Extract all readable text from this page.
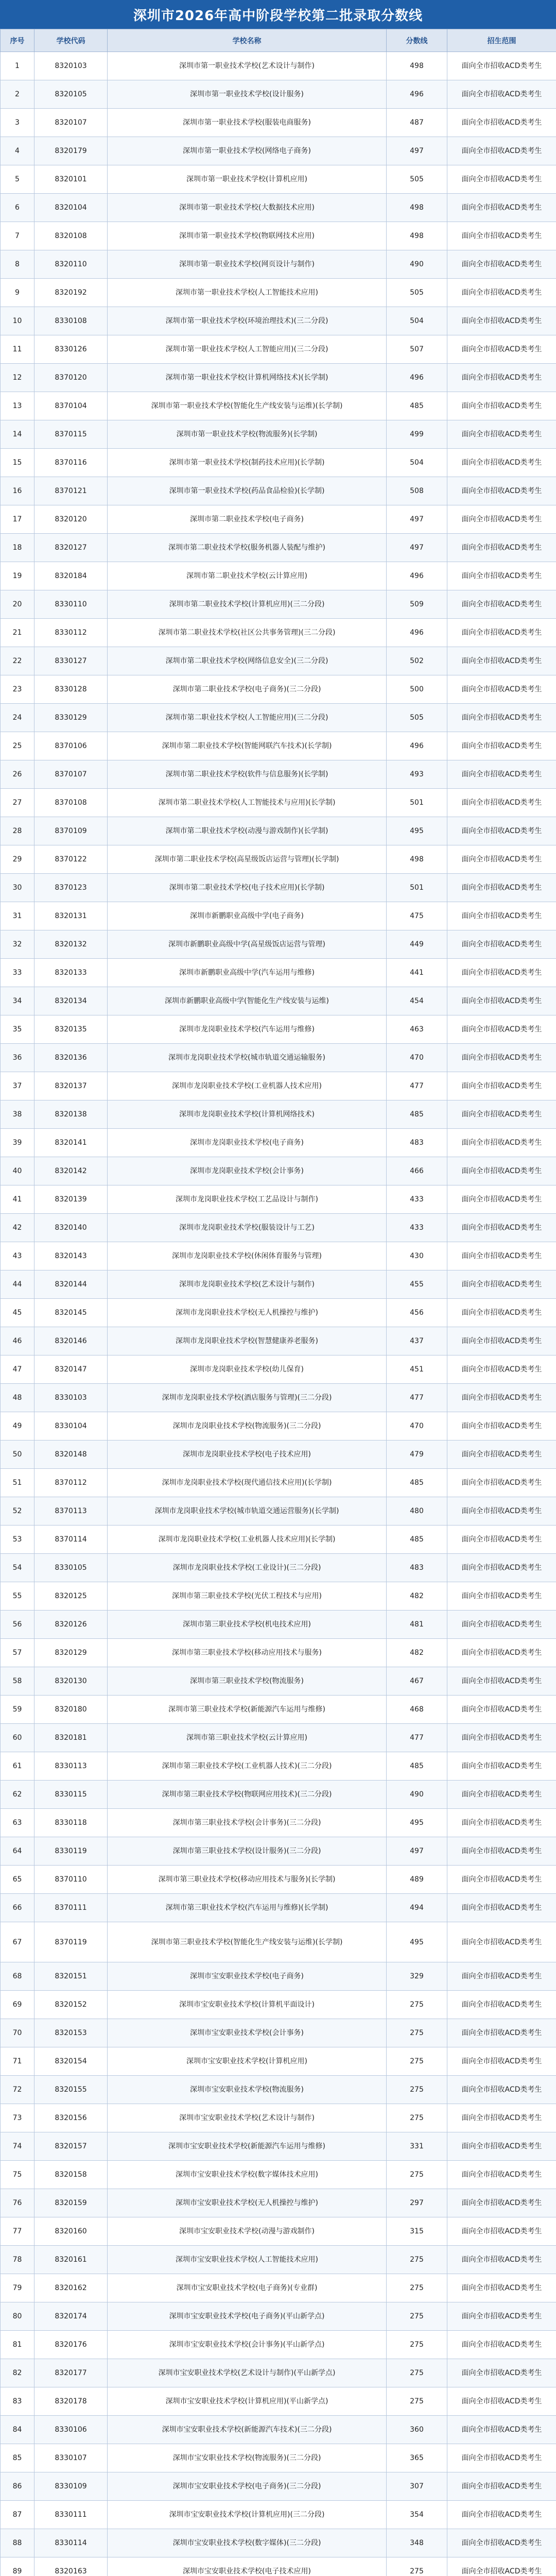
深圳市2026年高中阶段学校第二批录取分数线
序号	学校代码	学校名称	分数线	招生范围
1	8320103	深圳市第一职业技术学校(艺术设计与制作)	498	面向全市招收ACD类考生
2	8320105	深圳市第一职业技术学校(设计服务)	496	面向全市招收ACD类考生
3	8320107	深圳市第一职业技术学校(服装电商服务)	487	面向全市招收ACD类考生
4	8320179	深圳市第一职业技术学校(网络电子商务)	497	面向全市招收ACD类考生
5	8320101	深圳市第一职业技术学校(计算机应用)	505	面向全市招收ACD类考生
6	8320104	深圳市第一职业技术学校(大数据技术应用)	498	面向全市招收ACD类考生
7	8320108	深圳市第一职业技术学校(物联网技术应用)	498	面向全市招收ACD类考生
8	8320110	深圳市第一职业技术学校(网页设计与制作)	490	面向全市招收ACD类考生
9	8320192	深圳市第一职业技术学校(人工智能技术应用)	505	面向全市招收ACD类考生
10	8330108	深圳市第一职业技术学校(环境治理技术)(三二分段)	504	面向全市招收ACD类考生
11	8330126	深圳市第一职业技术学校(人工智能应用)(三二分段)	507	面向全市招收ACD类考生
12	8370120	深圳市第一职业技术学校(计算机网络技术)(长学制)	496	面向全市招收ACD类考生
13	8370104	深圳市第一职业技术学校(智能化生产线安装与运维)(长学制)	485	面向全市招收ACD类考生
14	8370115	深圳市第一职业技术学校(物流服务)(长学制)	499	面向全市招收ACD类考生
15	8370116	深圳市第一职业技术学校(制药技术应用)(长学制)	504	面向全市招收ACD类考生
16	8370121	深圳市第一职业技术学校(药品食品检验)(长学制)	508	面向全市招收ACD类考生
17	8320120	深圳市第二职业技术学校(电子商务)	497	面向全市招收ACD类考生
18	8320127	深圳市第二职业技术学校(服务机器人装配与维护)	497	面向全市招收ACD类考生
19	8320184	深圳市第二职业技术学校(云计算应用)	496	面向全市招收ACD类考生
20	8330110	深圳市第二职业技术学校(计算机应用)(三二分段)	509	面向全市招收ACD类考生
21	8330112	深圳市第二职业技术学校(社区公共事务管理)(三二分段)	496	面向全市招收ACD类考生
22	8330127	深圳市第二职业技术学校(网络信息安全)(三二分段)	502	面向全市招收ACD类考生
23	8330128	深圳市第二职业技术学校(电子商务)(三二分段)	500	面向全市招收ACD类考生
24	8330129	深圳市第二职业技术学校(人工智能应用)(三二分段)	505	面向全市招收ACD类考生
25	8370106	深圳市第二职业技术学校(智能网联汽车技术)(长学制)	496	面向全市招收ACD类考生
26	8370107	深圳市第二职业技术学校(软件与信息服务)(长学制)	493	面向全市招收ACD类考生
27	8370108	深圳市第二职业技术学校(人工智能技术与应用)(长学制)	501	面向全市招收ACD类考生
28	8370109	深圳市第二职业技术学校(动漫与游戏制作)(长学制)	495	面向全市招收ACD类考生
29	8370122	深圳市第二职业技术学校(高星级饭店运营与管理)(长学制)	498	面向全市招收ACD类考生
30	8370123	深圳市第二职业技术学校(电子技术应用)(长学制)	501	面向全市招收ACD类考生
31	8320131	深圳市新鹏职业高级中学(电子商务)	475	面向全市招收ACD类考生
32	8320132	深圳市新鹏职业高级中学(高星级饭店运营与管理)	449	面向全市招收ACD类考生
33	8320133	深圳市新鹏职业高级中学(汽车运用与维修)	441	面向全市招收ACD类考生
34	8320134	深圳市新鹏职业高级中学(智能化生产线安装与运维)	454	面向全市招收ACD类考生
35	8320135	深圳市龙岗职业技术学校(汽车运用与维修)	463	面向全市招收ACD类考生
36	8320136	深圳市龙岗职业技术学校(城市轨道交通运输服务)	470	面向全市招收ACD类考生
37	8320137	深圳市龙岗职业技术学校(工业机器人技术应用)	477	面向全市招收ACD类考生
38	8320138	深圳市龙岗职业技术学校(计算机网络技术)	485	面向全市招收ACD类考生
39	8320141	深圳市龙岗职业技术学校(电子商务)	483	面向全市招收ACD类考生
40	8320142	深圳市龙岗职业技术学校(会计事务)	466	面向全市招收ACD类考生
41	8320139	深圳市龙岗职业技术学校(工艺品设计与制作)	433	面向全市招收ACD类考生
42	8320140	深圳市龙岗职业技术学校(服装设计与工艺)	433	面向全市招收ACD类考生
43	8320143	深圳市龙岗职业技术学校(休闲体育服务与管理)	430	面向全市招收ACD类考生
44	8320144	深圳市龙岗职业技术学校(艺术设计与制作)	455	面向全市招收ACD类考生
45	8320145	深圳市龙岗职业技术学校(无人机操控与维护)	456	面向全市招收ACD类考生
46	8320146	深圳市龙岗职业技术学校(智慧健康养老服务)	437	面向全市招收ACD类考生
47	8320147	深圳市龙岗职业技术学校(幼儿保育)	451	面向全市招收ACD类考生
48	8330103	深圳市龙岗职业技术学校(酒店服务与管理)(三二分段)	477	面向全市招收ACD类考生
49	8330104	深圳市龙岗职业技术学校(物流服务)(三二分段)	470	面向全市招收ACD类考生
50	8320148	深圳市龙岗职业技术学校(电子技术应用)	479	面向全市招收ACD类考生
51	8370112	深圳市龙岗职业技术学校(现代通信技术应用)(长学制)	485	面向全市招收ACD类考生
52	8370113	深圳市龙岗职业技术学校(城市轨道交通运营服务)(长学制)	480	面向全市招收ACD类考生
53	8370114	深圳市龙岗职业技术学校(工业机器人技术应用)(长学制)	485	面向全市招收ACD类考生
54	8330105	深圳市龙岗职业技术学校(工业设计)(三二分段)	483	面向全市招收ACD类考生
55	8320125	深圳市第三职业技术学校(光伏工程技术与应用)	482	面向全市招收ACD类考生
56	8320126	深圳市第三职业技术学校(机电技术应用)	481	面向全市招收ACD类考生
57	8320129	深圳市第三职业技术学校(移动应用技术与服务)	482	面向全市招收ACD类考生
58	8320130	深圳市第三职业技术学校(物流服务)	467	面向全市招收ACD类考生
59	8320180	深圳市第三职业技术学校(新能源汽车运用与维修)	468	面向全市招收ACD类考生
60	8320181	深圳市第三职业技术学校(云计算应用)	477	面向全市招收ACD类考生
61	8330113	深圳市第三职业技术学校(工业机器人技术)(三二分段)	485	面向全市招收ACD类考生
62	8330115	深圳市第三职业技术学校(物联网应用技术)(三二分段)	490	面向全市招收ACD类考生
63	8330118	深圳市第三职业技术学校(会计事务)(三二分段)	495	面向全市招收ACD类考生
64	8330119	深圳市第三职业技术学校(设计服务)(三二分段)	497	面向全市招收ACD类考生
65	8370110	深圳市第三职业技术学校(移动应用技术与服务)(长学制)	489	面向全市招收ACD类考生
66	8370111	深圳市第三职业技术学校(汽车运用与维修)(长学制)	494	面向全市招收ACD类考生
67	8370119	深圳市第三职业技术学校(智能化生产线安装与运维)(长学制)	495	面向全市招收ACD类考生
68	8320151	深圳市宝安职业技术学校(电子商务)	329	面向全市招收ACD类考生
69	8320152	深圳市宝安职业技术学校(计算机平面设计)	275	面向全市招收ACD类考生
70	8320153	深圳市宝安职业技术学校(会计事务)	275	面向全市招收ACD类考生
71	8320154	深圳市宝安职业技术学校(计算机应用)	275	面向全市招收ACD类考生
72	8320155	深圳市宝安职业技术学校(物流服务)	275	面向全市招收ACD类考生
73	8320156	深圳市宝安职业技术学校(艺术设计与制作)	275	面向全市招收ACD类考生
74	8320157	深圳市宝安职业技术学校(新能源汽车运用与维修)	331	面向全市招收ACD类考生
75	8320158	深圳市宝安职业技术学校(数字媒体技术应用)	275	面向全市招收ACD类考生
76	8320159	深圳市宝安职业技术学校(无人机操控与维护)	297	面向全市招收ACD类考生
77	8320160	深圳市宝安职业技术学校(动漫与游戏制作)	315	面向全市招收ACD类考生
78	8320161	深圳市宝安职业技术学校(人工智能技术应用)	275	面向全市招收ACD类考生
79	8320162	深圳市宝安职业技术学校(电子商务)(专业群)	275	面向全市招收ACD类考生
80	8320174	深圳市宝安职业技术学校(电子商务)(平山新学点)	275	面向全市招收ACD类考生
81	8320176	深圳市宝安职业技术学校(会计事务)(平山新学点)	275	面向全市招收ACD类考生
82	8320177	深圳市宝安职业技术学校(艺术设计与制作)(平山新学点)	275	面向全市招收ACD类考生
83	8320178	深圳市宝安职业技术学校(计算机应用)(平山新学点)	275	面向全市招收ACD类考生
84	8330106	深圳市宝安职业技术学校(新能源汽车技术)(三二分段)	360	面向全市招收ACD类考生
85	8330107	深圳市宝安职业技术学校(物流服务)(三二分段)	365	面向全市招收ACD类考生
86	8330109	深圳市宝安职业技术学校(电子商务)(三二分段)	307	面向全市招收ACD类考生
87	8330111	深圳市宝安职业技术学校(计算机应用)(三二分段)	354	面向全市招收ACD类考生
88	8330114	深圳市宝安职业技术学校(数字媒体)(三二分段)	348	面向全市招收ACD类考生
89	8320163	深圳市宝安职业技术学校(电子技术应用)	275	面向全市招收ACD类考生
